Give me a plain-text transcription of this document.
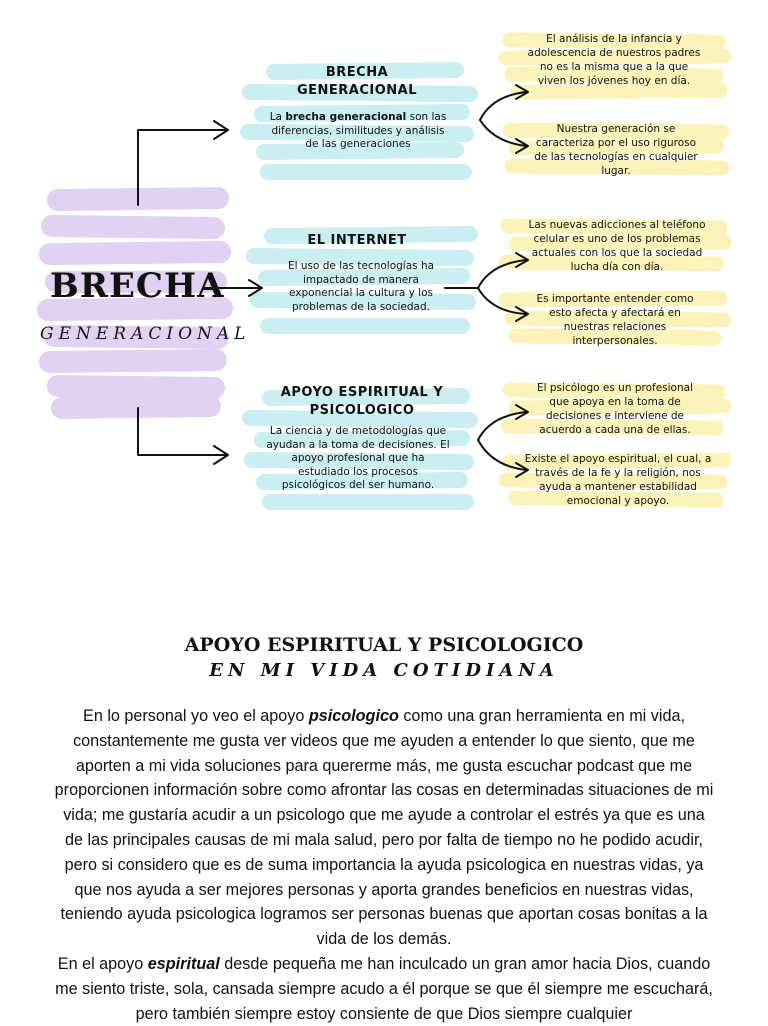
BRECHA
GENERACIONAL
BRECHA
GENERACIONAL
La brecha generacional son las diferencias, similitudes y análisis de las generaciones
EL INTERNET
El uso de las tecnologías ha impactado de manera exponencial la cultura y los problemas de la sociedad.
APOYO ESPIRITUAL Y
PSICOLOGICO
La ciencia y de metodologías que ayudan a la toma de decisiones. El apoyo profesional que ha estudiado los procesos psicológicos del ser humano.
El análisis de la infancia y adolescencia de nuestros padres no es la misma que a la que viven los jóvenes hoy en día.
Nuestra generación se caracteriza por el uso riguroso de las tecnologías en cualquier lugar.
Las nuevas adicciones al teléfono celular es uno de los problemas actuales con los que la sociedad lucha día con día.
Es importante entender como esto afecta y afectará en nuestras relaciones interpersonales.
El psicólogo es un profesional que apoya en la toma de decisiones e interviene de acuerdo a cada una de ellas.
Existe el apoyo espiritual, el cual, a través de la fe y la religión, nos ayuda a mantener estabilidad emocional y apoyo.
APOYO ESPIRITUAL Y PSICOLOGICO
EN MI VIDA COTIDIANA
En lo personal yo veo el apoyo psicologico como una gran herramienta en mi vida, constantemente me gusta ver videos que me ayuden a entender lo que siento, que me aporten a mi vida soluciones para quererme más, me gusta escuchar podcast que me proporcionen información sobre como afrontar las cosas en determinadas situaciones de mi vida; me gustaría acudir a un psicologo que me ayude a controlar el estrés ya que es una de las principales causas de mi mala salud, pero por falta de tiempo no he podido acudir, pero si considero que es de suma importancia la ayuda psicologica en nuestras vidas, ya que nos ayuda a ser mejores personas y aporta grandes beneficios en nuestras vidas, teniendo ayuda psicologica logramos ser personas buenas que aportan cosas bonitas a la vida de los demás.
En el apoyo espiritual desde pequeña me han inculcado un gran amor hacia Dios, cuando me siento triste, sola, cansada siempre acudo a él porque se que él siempre me escuchará, pero también siempre estoy consiente de que Dios siempre cualquier
